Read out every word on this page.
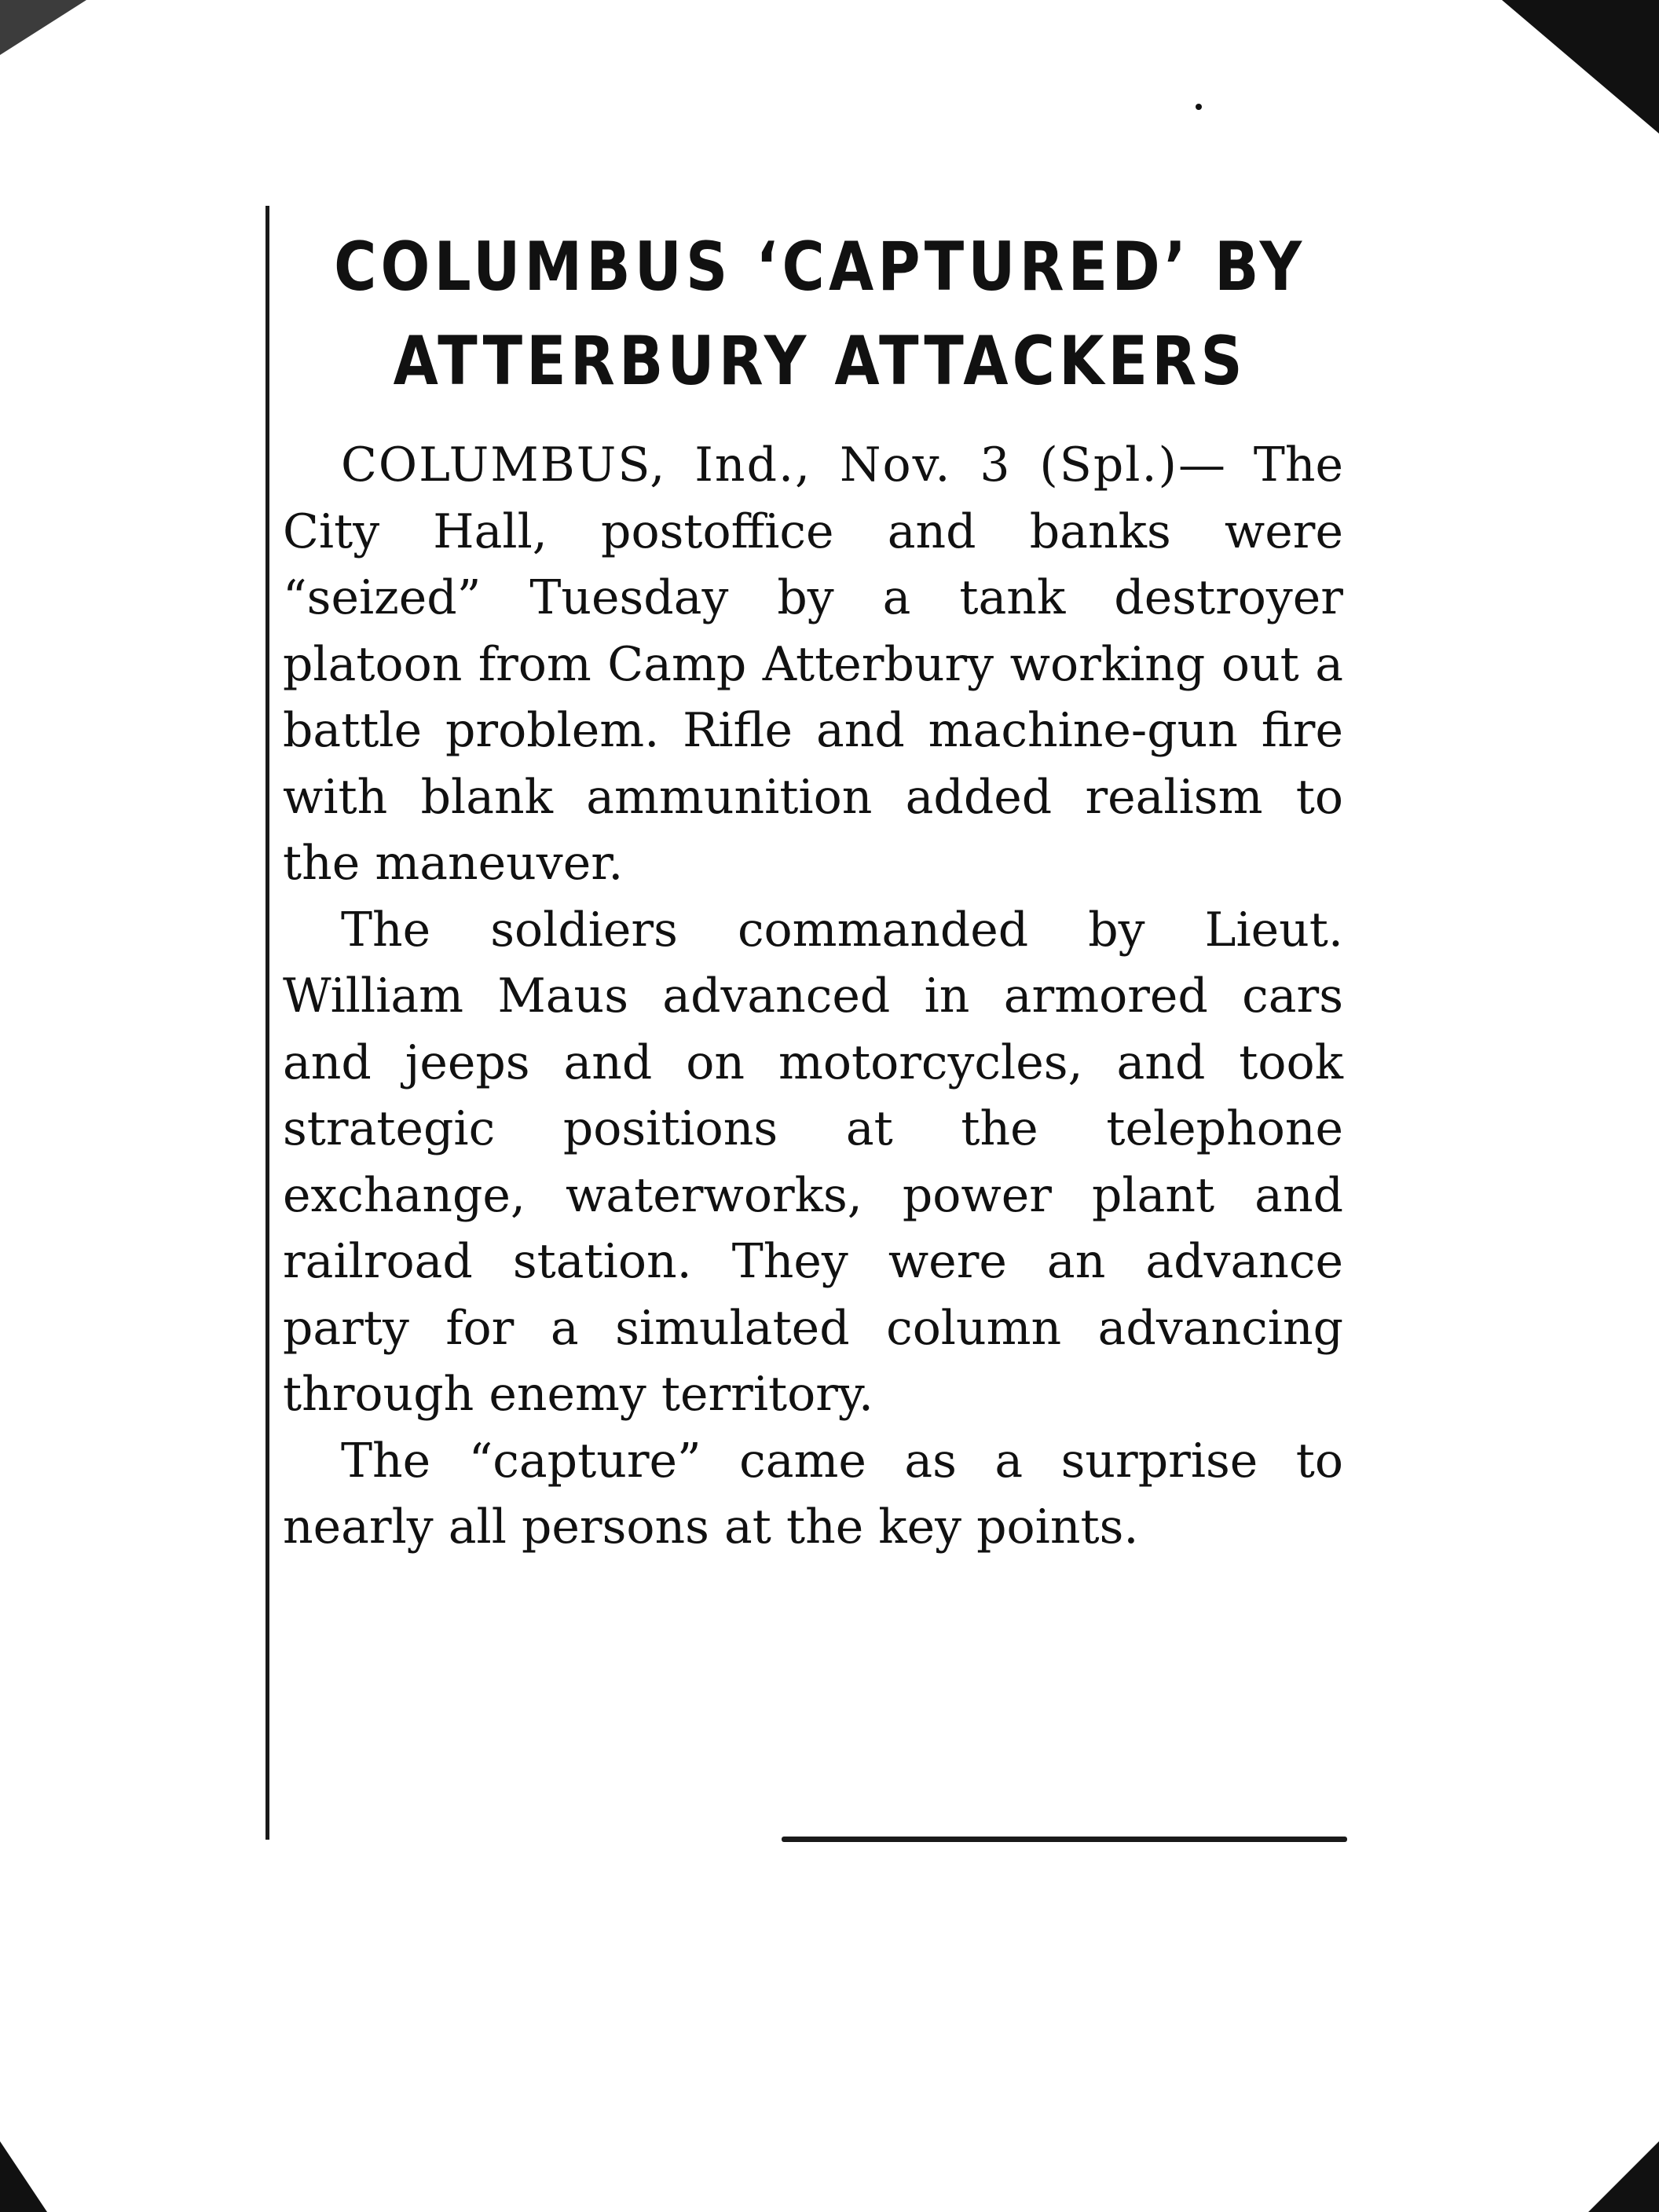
COLUMBUS ‘CAPTURED’ BY
ATTERBURY ATTACKERS

COLUMBUS, Ind., Nov. 3 (Spl.)— The City Hall, postoffice and banks were “seized” Tuesday by a tank destroyer platoon from Camp Atterbury working out a battle problem. Rifle and machine-gun fire with blank ammunition added realism to the maneuver.

The soldiers commanded by Lieut. William Maus advanced in armored cars and jeeps and on motorcycles, and took strategic positions at the telephone exchange, waterworks, power plant and railroad station. They were an advance party for a simulated column advancing through enemy territory.

The “capture” came as a surprise to nearly all persons at the key points.
